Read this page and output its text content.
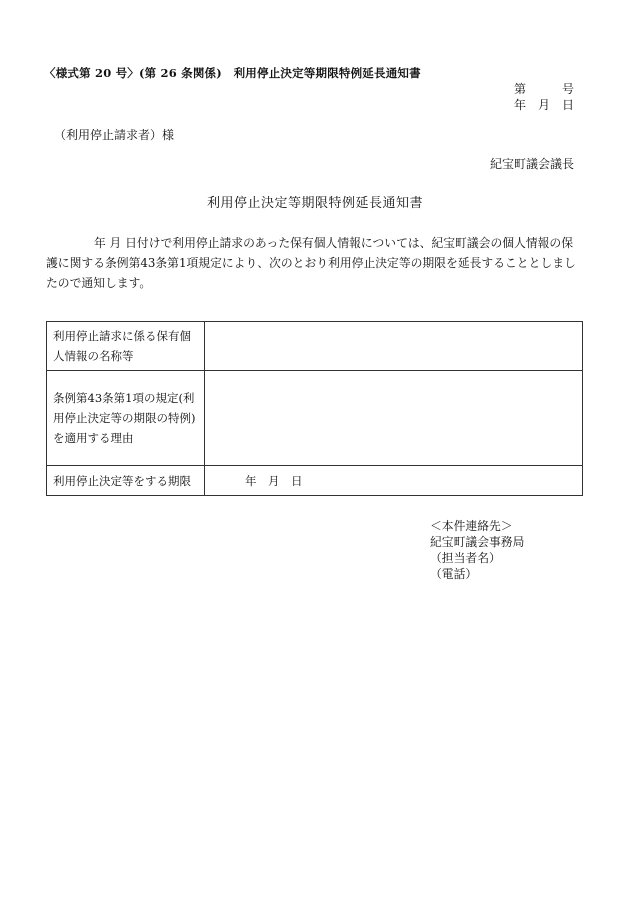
〈様式第 20 号〉(第 26 条関係)　利用停止決定等期限特例延長通知書
第　　　号
年　月　日
（利用停止請求者）様
紀宝町議会議長
利用停止決定等期限特例延長通知書
年 月 日付けで利用停止請求のあった保有個人情報については、紀宝町議会の個人情報の保護に関する条例第43条第1項規定により、次のとおり利用停止決定等の期限を延長することとしましたので通知します。
利用停止請求に係る保有個人情報の名称等	
条例第43条第1項の規定(利用停止決定等の期限の特例)を適用する理由	
利用停止決定等をする期限	年　月　日
＜本件連絡先＞
紀宝町議会事務局
（担当者名）
（電話）
